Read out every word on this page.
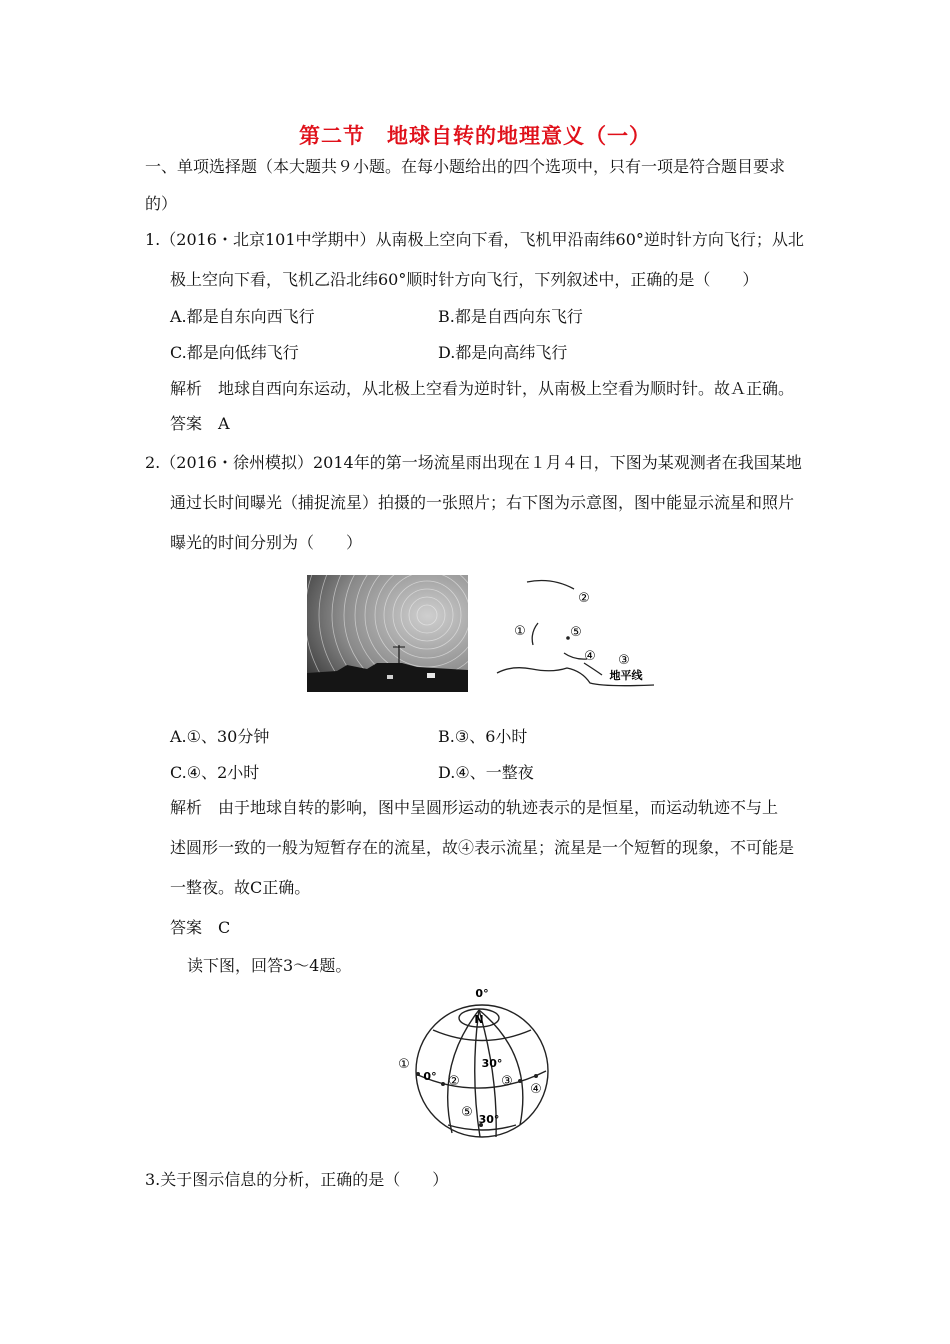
第二节　地球自转的地理意义（一）
一、单项选择题（本大题共９小题。在每小题给出的四个选项中，只有一项是符合题目要求
的）
1.（2016・北京101中学期中）从南极上空向下看，飞机甲沿南纬60°逆时针方向飞行；从北
极上空向下看，飞机乙沿北纬60°顺时针方向飞行，下列叙述中，正确的是（　　）
A.都是自东向西飞行	B.都是自西向东飞行
C.都是向低纬飞行	D.都是向高纬飞行
解析　地球自西向东运动，从北极上空看为逆时针，从南极上空看为顺时针。故Ａ正确。
答案　A
2.（2016・徐州模拟）2014年的第一场流星雨出现在１月４日，下图为某观测者在我国某地
通过长时间曝光（捕捉流星）拍摄的一张照片；右下图为示意图，图中能显示流星和照片
曝光的时间分别为（　　）
②
①	⑤
④ ③
地平线
A.①、30分钟	B.③、6小时
C.④、2小时	D.④、一整夜
解析　由于地球自转的影响，图中呈圆形运动的轨迹表示的是恒星，而运动轨迹不与上
述圆形一致的一般为短暂存在的流星，故④表示流星；流星是一个短暂的现象，不可能是
一整夜。故C正确。
答案　C
读下图，回答3～4题。
0°
N
30°
0°
30°
①
②	③
④
⑤
3.关于图示信息的分析，正确的是（　　）
